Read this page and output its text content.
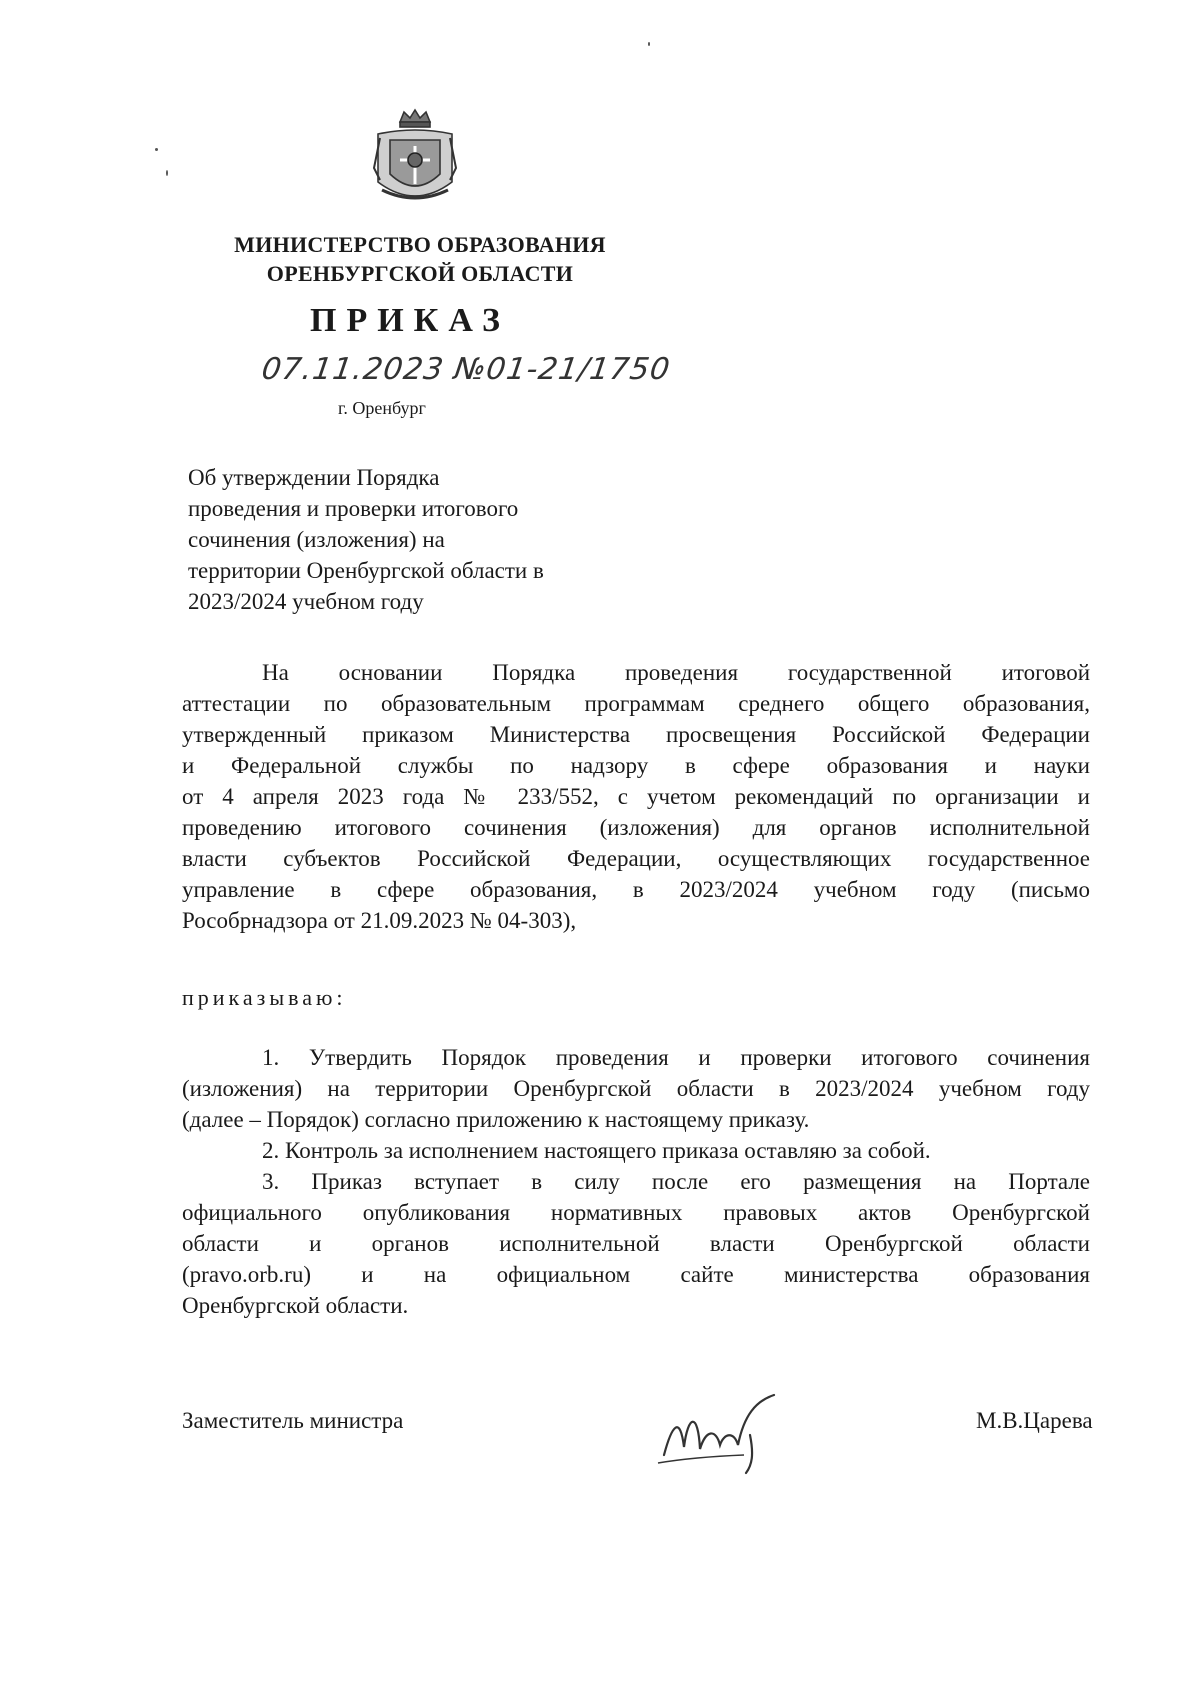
МИНИСТЕРСТВО ОБРАЗОВАНИЯ
ОРЕНБУРГСКОЙ ОБЛАСТИ
ПРИКАЗ
07.11.2023 №01-21/1750
г. Оренбург
Об утверждении Порядка
проведения и проверки итогового
сочинения (изложения) на
территории Оренбургской области в
2023/2024 учебном году
На основании Порядка проведения государственной итоговой
аттестации по образовательным программам среднего общего образования,
утвержденный приказом Министерства просвещения Российской Федерации
и Федеральной службы по надзору в сфере образования и науки
от 4 апреля 2023 года № 233/552, с учетом рекомендаций по организации и
проведению итогового сочинения (изложения) для органов исполнительной
власти субъектов Российской Федерации, осуществляющих государственное
управление в сфере образования, в 2023/2024 учебном году (письмо
Рособрнадзора от 21.09.2023 № 04-303),
приказываю:
1. Утвердить Порядок проведения и проверки итогового сочинения
(изложения) на территории Оренбургской области в 2023/2024 учебном году
(далее – Порядок) согласно приложению к настоящему приказу.
2. Контроль за исполнением настоящего приказа оставляю за собой.
3. Приказ вступает в силу после его размещения на Портале
официального опубликования нормативных правовых актов Оренбургской
области и органов исполнительной власти Оренбургской области
(pravo.orb.ru) и на официальном сайте министерства образования
Оренбургской области.
Заместитель министра	М.В.Царева
